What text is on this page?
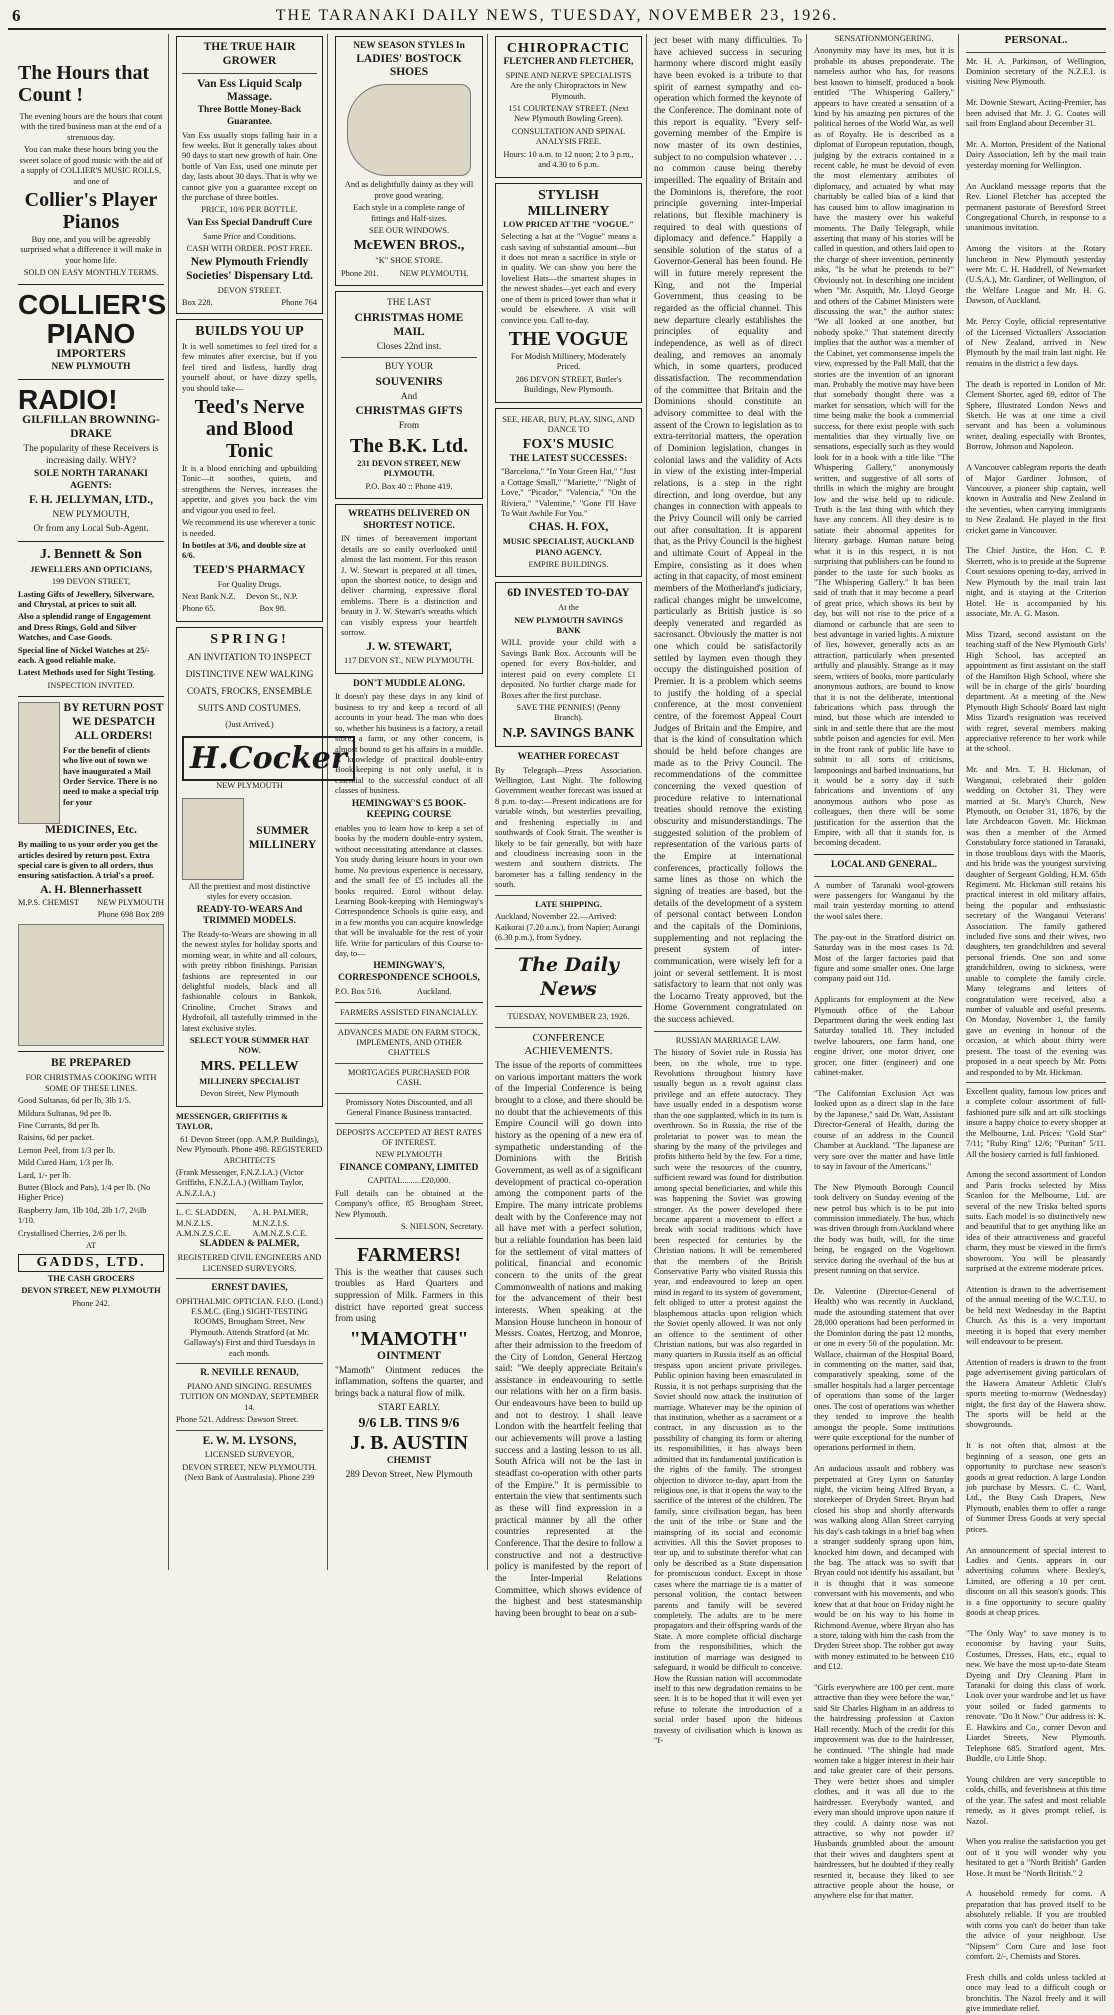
6	THE TARANAKI DAILY NEWS, TUESDAY, NOVEMBER 23, 1926.
The Hours that Count !

The evening hours are the hours that count with the tired business man at the end of a strenuous day.

You can make these hours bring you the sweet solace of good music with the aid of a supply of COLLIER'S MUSIC ROLLS, and one of

Collier's Player Pianos

Buy one, and you will be agreeably surprised what a difference it will make in your home life.

SOLD ON EASY MONTHLY TERMS.

COLLIER'S
PIANO
IMPORTERS
NEW PLYMOUTH
RADIO!
GILFILLAN BROWNING-DRAKE

The popularity of these Receivers is increasing daily. WHY?

SOLE NORTH TARANAKI AGENTS:

F. H. JELLYMAN, LTD.,

NEW PLYMOUTH,

Or from any Local Sub-Agent.

J. Bennett & Son

JEWELLERS AND OPTICIANS,

199 DEVON STREET,

Lasting Gifts of Jewellery, Silverware, and Chrystal, at prices to suit all.

Also a splendid range of Engagement and Dress Rings, Gold and Silver Watches, and Case Goods.

Special line of Nickel Watches at 25/- each. A good reliable make.

Latest Methods used for Sight Testing.

INSPECTION INVITED.

BY RETURN POST WE DESPATCH ALL ORDERS!

For the benefit of clients who live out of town we have inaugurated a Mail Order Service. There is no need to make a special trip for your

MEDICINES, Etc.

By mailing to us your order you get the articles desired by return post. Extra special care is given to all orders, thus ensuring satisfaction. A trial's a proof.

A. H. Blennerhassett
M.P.S. CHEMIST NEW PLYMOUTH

Phone 698 Box 289

BE PREPARED

FOR CHRISTMAS COOKING WITH SOME OF THESE LINES.

Good Sultanas, 6d per lb, 3lb 1/5.

Mildura Sultanas, 9d per lb.

Fine Currants, 8d per lb.

Raisins, 6d per packet.

Lemon Peel, from 1/3 per lb.

Mild Cured Ham, 1/3 per lb.

Lard, 1/- per lb.

Butter (Block and Pats), 1/4 per lb. (No Higher Price)

Raspberry Jam, 1lb 10d, 2lb 1/7, 2½lb 1/10.

Crystallised Cherries, 2/6 per lb.

AT

GADDS, LTD.

THE CASH GROCERS

DEVON STREET, NEW PLYMOUTH

Phone 242.

THE TRUE HAIR GROWER
Van Ess Liquid Scalp Massage.
Three Bottle Money-Back Guarantee.

Van Ess usually stops falling hair in a few weeks. But it generally takes about 90 days to start new growth of hair. One bottle of Van Ess, used one minute per day, lasts about 30 days. That is why we cannot give you a guarantee except on the purchase of three bottles.

PRICE, 10/6 PER BOTTLE.

Van Ess Special Dandruff Cure

Same Price and Conditions.

CASH WITH ORDER. POST FREE.

New Plymouth Friendly Societies' Dispensary Ltd.

DEVON STREET.

Box 228.	Phone 764
BUILDS YOU UP

It is well sometimes to feel tired for a few minutes after exercise, but if you feel tired and listless, hardly drag yourself about, or have dizzy spells, you should take—

Teed's Nerve and Blood Tonic

It is a blood enriching and upbuilding Tonic—it soothes, quiets, and strengthens the Nerves, increases the appetite, and gives you back the vim and vigour you used to feel.

We recommend its use wherever a tonic is needed.

In bottles at 3/6, and double size at 6/6.

TEED'S PHARMACY

For Quality Drugs.

Next Bank N.Z.     Devon St., N.P.

Phone 65.                     Box 98.

SPRING!

AN INVITATION TO INSPECT DISTINCTIVE NEW WALKING COATS, FROCKS, ENSEMBLE SUITS AND COSTUMES.

(Just Arrived.)

H.Cocker
NEW PLYMOUTH
SUMMER MILLINERY

All the prettiest and most distinctive styles for every occasion.

READY-TO-WEARS And TRIMMED MODELS.

The Ready-to-Wears are showing in all the newest styles for holiday sports and morning wear, in white and all colours, with pretty ribbon finishings. Parisian fashions are represented in our delightful models, black and all fashionable colours in Bankok, Crinoline, Crochet Straws and Hydrofoil, all tastefully trimmed in the latest exclusive styles.

SELECT YOUR SUMMER HAT NOW.

MRS. PELLEW

MILLINERY SPECIALIST

Devon Street, New Plymouth

MESSENGER, GRIFFITHS & TAYLOR,

61 Devon Street (opp. A.M.P. Buildings), New Plymouth. Phone 498. REGISTERED ARCHITECTS

(Frank Messenger, F.N.Z.I.A.) (Victor Griffiths, F.N.Z.I.A.) (William Taylor, A.N.Z.I.A.)

L. C. SLADDEN, M.N.Z.I.S. A.M.N.Z.S.C.E.
A. H. PALMER, M.N.Z.I.S. A.M.N.Z.S.C.E.
SLADDEN & PALMER,

REGISTERED CIVIL ENGINEERS AND LICENSED SURVEYORS.

ERNEST DAVIES,

OPHTHALMIC OPTICIAN. F.I.O. (Lond.) F.S.M.C. (Eng.) SIGHT-TESTING ROOMS, Brougham Street, New Plymouth. Attends Stratford (at Mr. Gallaway's) First and third Tuesdays in each month.

R. NEVILLE RENAUD,

PIANO AND SINGING. RESUMES TUITION ON MONDAY, SEPTEMBER 14.

Phone 521. Address: Dawson Street.

E. W. M. LYSONS,

LICENSED SURVEYOR,

DEVON STREET, NEW PLYMOUTH. (Next Bank of Australasia). Phone 239

NEW SEASON STYLES In
LADIES' BOSTOCK SHOES

And as delightfully dainty as they will prove good wearing.

Each style in a complete range of fittings and Half-sizes.

SEE OUR WINDOWS.

McEWEN BROS.,

"K" SHOE STORE.

Phone 201.          NEW PLYMOUTH.

THE LAST

CHRISTMAS HOME MAIL

Closes 22nd inst.

BUY YOUR

SOUVENIRS

And

CHRISTMAS GIFTS

From

The B.K. Ltd.

231 DEVON STREET, NEW PLYMOUTH.

P.O. Box 40 :: Phone 419.

WREATHS DELIVERED ON SHORTEST NOTICE.

IN times of bereavement important details are so easily overlooked until almost the last moment. For this reason J. W. Stewart is prepared at all times, upon the shortest notice, to design and deliver charming, expressive floral emblems. There is a distinction and beauty in J. W. Stewart's wreaths which can visibly express your heartfelt sorrow.

J. W. STEWART,

117 DEVON ST., NEW PLYMOUTH.

DON'T MUDDLE ALONG.

It doesn't pay these days in any kind of business to try and keep a record of all accounts in your head. The man who does so, whether his business is a factory, a retail store, a farm, or any other concern, is almost bound to get his affairs in a muddle. A knowledge of practical double-entry Book-keeping is not only useful, it is essential to the successful conduct of all classes of business.

HEMINGWAY'S £5 BOOK-KEEPING COURSE

enables you to learn how to keep a set of books by the modern double-entry system, without necessitating attendance at classes. You study during leisure hours in your own home. No previous experience is necessary, and the small fee of £5 includes all the books required. Enrol without delay. Learning Book-keeping with Hemingway's Correspondence Schools is quite easy, and in a few months you can acquire knowledge that will be invaluable for the rest of your life. Write for particulars of this Course to-day, to—

HEMINGWAY'S, CORRESPONDENCE SCHOOLS,

P.O. Box 516.                 Auckland.

FARMERS ASSISTED FINANCIALLY.
ADVANCES MADE ON FARM STOCK, IMPLEMENTS, AND OTHER CHATTELS
MORTGAGES PURCHASED FOR CASH.
Promissory Notes Discounted, and all General Finance Business transacted.
DEPOSITS ACCEPTED AT BEST RATES OF INTEREST.

NEW PLYMOUTH

FINANCE COMPANY, LIMITED

CAPITAL.........£20,000.

Full details can be obtained at the Company's office, 85 Brougham Street, New Plymouth.

S. NIELSON, Secretary.

FARMERS!

This is the weather that causes such troubles as Hard Quarters and suppression of Milk. Farmers in this district have reported great success from using

"MAMOTH"
OINTMENT

"Mamoth" Ointment reduces the inflammation, softens the quarter, and brings back a natural flow of milk.

START EARLY.

9/6 LB. TINS 9/6
J. B. AUSTIN

CHEMIST

289 Devon Street, New Plymouth

CHIROPRACTIC
FLETCHER AND FLETCHER,

SPINE AND NERVE SPECIALISTS Are the only Chiropractors in New Plymouth.

151 COURTENAY STREET. (Next New Plymouth Bowling Green).

CONSULTATION AND SPINAL ANALYSIS FREE.

Hours: 10 a.m. to 12 noon; 2 to 3 p.m., and 4.30 to 6 p.m.

STYLISH MILLINERY
LOW PRICED AT THE "VOGUE."

Selecting a hat at the "Vogue" means a cash saving of substantial amount—but it does not mean a sacrifice in style or in quality. We can show you here the loveliest Hats—the smartest shapes in the newest shades—yet each and every one of them is priced lower than what it would be elsewhere. A visit will convince you. Call to-day.

THE VOGUE

For Modish Millinery, Moderately Priced.

286 DEVON STREET, Butler's Buildings, New Plymouth.

SEE, HEAR, BUY, PLAY, SING, AND DANCE TO

FOX'S MUSIC
THE LATEST SUCCESSES:

"Barcelona," "In Your Green Hat," "Just a Cottage Small," "Mariette," "Night of Love," "Picador," "Valencia," "On the Riviera," "Valentine," "Gone I'll Have To Wait Awhile For You."

CHAS. H. FOX,

MUSIC SPECIALIST, AUCKLAND PIANO AGENCY.

EMPIRE BUILDINGS.

6D INVESTED TO-DAY

At the

NEW PLYMOUTH SAVINGS BANK

WILL provide your child with a Savings Bank Box. Accounts will be opened for every Box-holder, and interest paid on every complete £1 deposited. No further charge made for Boxes after the first purchase.

SAVE THE PENNIES! (Penny Branch).

N.P. SAVINGS BANK
WEATHER FORECAST

By Telegraph—Press Association. Wellington, Last Night. The following Government weather forecast was issued at 8 p.m. to-day:—Present indications are for variable winds, but westerlies prevailing, and freshening especially in and southwards of Cook Strait. The weather is likely to be fair generally, but with haze and cloudiness increasing soon in the western and southern districts. The barometer has a falling tendency in the south.

LATE SHIPPING.

Auckland, November 22.—Arrived: Kaikorai (7.20 a.m.), from Napier; Aorangi (6.30 p.m.), from Sydney.

The Daily News

TUESDAY, NOVEMBER 23, 1926.

CONFERENCE ACHIEVEMENTS.

The issue of the reports of committees on various important matters the work of the Imperial Conference is being brought to a close, and there should be no doubt that the achievements of this Empire Council will go down into history as the opening of a new era of sympathetic understanding of the Dominions with the British Government, as well as of a significant development of practical co-operation among the component parts of the Empire. The many intricate problems dealt with by the Conference may not all have met with a perfect solution, but a reliable foundation has been laid for the settlement of vital matters of political, financial and economic concern to the units of the great Commonwealth of nations and making for the advancement of their best interests. When speaking at the Mansion House luncheon in honour of Messrs. Coates, Hertzog, and Monroe, after their admission to the freedom of the City of London, General Hertzog said: "We deeply appreciate Britain's assistance in endeavouring to settle our relations with her on a firm basis. Our endeavours have been to build up and not to destroy. I shall leave London with the heartfelt feeling that our achievements will prove a lasting success and a lasting lesson to us all. South Africa will not be the last in steadfast co-operation with other parts of the Empire." It is permissible to entertain the view that sentiments such as these will find expression in a practical manner by all the other countries represented at the Conference. That the desire to follow a constructive and not a destructive policy is manifested by the report of the Inter-Imperial Relations Committee, which shows evidence of the highest and best statesmanship having been brought to bear on a sub-

ject beset with many difficulties. To have achieved success in securing harmony where discord might easily have been evoked is a tribute to that spirit of earnest sympathy and co-operation which formed the keynote of the Conference. The dominant note of this report is equality. "Every self-governing member of the Empire is now master of its own destinies, subject to no compulsion whatever . . . no common cause being thereby imperilled. The equality of Britain and the Dominions is, therefore, the root principle governing inter-Imperial relations, but flexible machinery is required to deal with questions of diplomacy and defence." Happily a sensible solution of the status of a Governor-General has been found. He will in future merely represent the King, and not the Imperial Government, thus ceasing to be regarded as the official channel. This new departure clearly establishes the principles of equality and independence, as well as of direct dealing, and removes an anomaly which, in some quarters, produced dissatisfaction. The recommendation of the committee that Britain and the Dominions should constitute an advisory committee to deal with the assent of the Crown to legislation as to extra-territorial matters, the operation of Dominion legislation, changes in colonial laws and the validity of Acts in view of the existing inter-Imperial relations, is a step in the right direction, and long overdue, but any changes in connection with appeals to the Privy Council will only be carried out after consultation. It is apparent that, as the Privy Council is the highest and ultimate Court of Appeal in the Empire, consisting as it does when acting in that capacity, of most eminent members of the Motherland's judiciary, radical changes might be unwelcome, particularly as British justice is so deeply venerated and regarded as sacrosanct. Obviously the matter is not one which could be satisfactorily settled by laymen even though they occupy the distinguished position of Premier. It is a problem which seems to justify the holding of a special conference, at the most convenient centre, of the foremost Appeal Court Judges of Britain and the Empire, and that is the kind of consultation which should be held before changes are made as to the Privy Council. The recommendations of the committee concerning the vexed question of procedure relative to international treaties should remove the existing obscurity and misunderstandings. The suggested solution of the problem of representation of the various parts of the Empire at international conferences, practically follows the same lines as those on which the signing of treaties are based, but the details of the development of a system of personal contact between London and the capitals of the Dominions, supplementing and not replacing the present system of inter-communication, were wisely left for a joint or several settlement. It is most satisfactory to learn that not only was the Locarno Treaty approved, but the Home Government congratulated on the success achieved.

RUSSIAN MARRIAGE LAW.

The history of Soviet rule in Russia has been, on the whole, true to type. Revolutions throughout history have usually begun as a revolt against class privilege and an effete autocracy. They have usually ended in a despotism worse than the one supplanted, which in its turn is overthrown. So in Russia, the rise of the proletariat to power was to mean the sharing by the many of the privileges and profits hitherto held by the few. For a time, such were the resources of the country, sufficient reward was found for distribution among special beneficiaries, and while this was happening the Soviet was growing stronger. As the power developed there became apparent a movement to effect a break with social traditions which have been respected for centuries by the Christian nations. It will be remembered that the members of the British Conservative Party who visited Russia this year, and endeavoured to keep an open mind in regard to its system of government, felt obliged to utter a protest against the blasphemous attacks upon religion which the Soviet openly allowed. It was not only an offence to the sentiment of other Christian nations, but was also regarded in many quarters in Russia itself as an official trespass upon ancient private privileges. Public opinion having been emasculated in Russia, it is not perhaps surprising that the Soviet should now attack the institution of marriage. Whatever may be the opinion of that institution, whether as a sacrament or a contract, in any discussion as to the possibility of changing its form or altering its responsibilities, it has always been admitted that its fundamental justification is the rights of the family. The strongest objection to divorce to-day, apart from the religious one, is that it opens the way to the sacrifice of the interest of the children. The family, since civilisation began, has been the unit of the tribe or State and the mainspring of its social and economic activities. All this the Soviet proposes to tear up, and to substitute therefor what can only be described as a State dispensation for promiscuous conduct. Except in those cases where the marriage tie is a matter of personal volition, the contact between parents and family will be severed completely. The adults are to be mere propagators and their offspring wards of the State. A more complete official discharge from the responsibilities, which the institution of marriage was designed to safeguard, it would be difficult to conceive. How the Russian nation will accommodate itself to this new degradation remains to be seen. It is to be hoped that it will even yet refuse to tolerate the introduction of a social order based upon the hideous travesty of civilisation which is known as "f-

SENSATIONMONGERING.

Anonymity may have its uses, but it is probable its abuses preponderate. The nameless author who has, for reasons best known to himself, produced a book entitled "The Whispering Gallery," appears to have created a sensation of a kind by his amazing pen pictures of the political heroes of the World War, as well as of Royalty. He is described as a diplomat of European reputation, though, judging by the extracts contained in a recent cable, he must be devoid of even the most elementary attributes of diplomacy, and actuated by what may charitably be called bias of a kind that has caused him to allow imagination to have the mastery over his wakeful moments. The Daily Telegraph, while asserting that many of his stories will be called in question, and others laid open to the charge of sheer invention, pertinently asks, "Is he what he pretends to be?" Obviously not. In describing one incident when "Mr. Asquith, Mr. Lloyd George and others of the Cabinet Ministers were discussing the war," the author states: "We all looked at one another, but nobody spoke." That statement directly implies that the author was a member of the Cabinet, yet commonsense impels the view, expressed by the Pall Mall, that the stories are the invention of an ignorant man. Probably the motive may have been that somebody thought there was a market for sensation, which will for the time being make the book a commercial success, for there exist people with such mentalities that they virtually live on sensations, especially such as they would look for in a book with a title like "The Whispering Gallery," anonymously written, and suggestive of all sorts of thrills in which the mighty are brought low and the wise held up to ridicule. Truth is the last thing with which they have any concern. All they desire is to satiate their abnormal appetites for literary garbage. Human nature being what it is in this respect, it is not surprising that publishers can be found to pander to the taste for such books as "The Whispering Gallery." It has been said of truth that it may become a pearl of great price, which shows its best by day, but will not rise to the price of a diamond or carbuncle that are seen to best advantage in varied lights. A mixture of lies, however, generally acts as an attraction, particularly when presented artfully and plausibly. Strange as it may seem, writers of books, more particularly anonymous authors, are bound to know that it is not the deliberate, intentional fabrications which pass through the mind, but those which are intended to sink in and settle there that are the most subtle poison and agencies for evil. Men in the front rank of public life have to submit to all sorts of criticisms, lampoonings and barbed insinuations, but it would be a sorry day if such fabrications and inventions of any anonymous authors who pose as colleagues, then there will be some justification for the assertion that the Empire, with all that it stands for, is becoming decadent.

LOCAL AND GENERAL.

A number of Taranaki wool-growers were passengers for Wanganui by the mail train yesterday morning to attend the wool sales there.

The pay-out in the Stratford district on Saturday was in the most cases 1s 7d. Most of the larger factories paid that figure and some smaller ones. One large company paid out 11d.

Applicants for employment at the New Plymouth office of the Labour Department during the week ending last Saturday totalled 18. They included twelve labourers, one farm hand, one engine driver, one motor driver, one grocer, one fitter (engineer) and one cabinet-maker.

"The Californian Exclusion Act was looked upon as a direct slap in the face by the Japanese," said Dr. Watt, Assistant Director-General of Health, during the course of an address in the Council Chamber at Auckland. "The Japanese are very sore over the matter and have little to say in favour of the Americans."

The New Plymouth Borough Council took delivery on Sunday evening of the new petrol bus which is to be put into commission immediately. The bus, which was driven through from Auckland where the body was built, will, for the time being, be engaged on the Vogeltown service during the overhaul of the bus at present running on that service.

Dr. Valentine (Director-General of Health) who was recently in Auckland, made the astounding statement that over 28,000 operations had been performed in the Dominion during the past 12 months, or one in every 50 of the population. Mr. Wallace, chairman of the Hospital Board, in commenting on the matter, said that, comparatively speaking, some of the smaller hospitals had a larger percentage of operations than some of the larger ones. The cost of operations was whether they tended to improve the health amongst the people. Some institutions were quite exceptional for the number of operations performed in them.

An audacious assault and robbery was perpetrated at Grey Lynn on Saturday night, the victim being Alfred Bryan, a storekeeper of Dryden Street. Bryan had closed his shop and shortly afterwards was walking along Allan Street carrying his day's cash takings in a brief bag when a stranger suddenly sprang upon him, knocked him down, and decamped with the bag. The attack was so swift that Bryan could not identify his assailant, but it is thought that it was someone conversant with his movements, and who knew that at that hour on Friday night he would be on his way to his home in Richmond Avenue, where Bryan also has a store, taking with him the cash from the Dryden Street shop. The robber got away with money estimated to be between £10 and £12.

"Girls everywhere are 100 per cent. more attractive than they were before the war," said Sir Charles Higham in an address to the hairdressing profession at Caxton Hall recently. Much of the credit for this improvement was due to the hairdresser, he continued. "The shingle had made women take a bigger interest in their hair and take greater care of their persons. They were better shoes and simpler clothes, and it was all due to the hairdresser. Everybody wanted, and every man should improve upon nature if they could. A dainty nose was not attractive, so why not powder it? Husbands grumbled about the amount that their wives and daughters spent at hairdressers, but he doubted if they really resented it, because they liked to see attractive people about the house, or anywhere else for that matter.

PERSONAL.

Mr. H. A. Parkinson, of Wellington, Dominion secretary of the N.Z.E.I. is visiting New Plymouth.

Mr. Downie Stewart, Acting-Premier, has been advised that Mr. J. G. Coates will sail from England about December 31.

Mr. A. Morton, President of the National Dairy Association, left by the mail train yesterday morning for Wellington.

An Auckland message reports that the Rev. Lionel Fletcher has accepted the permanent pastorate of Beresford Street Congregational Church, in response to a unanimous invitation.

Among the visitors at the Rotary luncheon in New Plymouth yesterday were Mr. C. H. Haddrell, of Newmarket (U.S.A.), Mr. Gardiner, of Wellington, of the Welfare League and Mr. H. G. Dawson, of Auckland.

Mr. Percy Coyle, official representative of the Licensed Victuallers' Association of New Zealand, arrived in New Plymouth by the mail train last night. He remains in the district a few days.

The death is reported in London of Mr. Clement Shorter, aged 69, editor of The Sphere, Illustrated London News and Sketch. He was at one time a civil servant and has been a voluminous writer, dealing especially with Brontes, Borrow, Johnson and Napoleon.

A Vancouver cablegram reports the death of Major Gardiner Johnson, of Vancouver, a pioneer ship captain, well known in Australia and New Zealand in the seventies, when carrying immigrants to New Zealand. He played in the first cricket game in Vancouver.

The Chief Justice, the Hon. C. P. Skerrett, who is to preside at the Supreme Court sessions opening to-day, arrived in New Plymouth by the mail train last night, and is staying at the Criterion Hotel. He is accompanied by his associate, Mr. A. G. Mason.

Miss Tizard, second assistant on the teaching staff of the New Plymouth Girls' High School, has accepted an appointment as first assistant on the staff of the Hamilton High School, where she will be in charge of the girls' boarding department. At a meeting of the New Plymouth High Schools' Board last night Miss Tizard's resignation was received with regret, several members making appreciative reference to her work while at the school.

Mr. and Mrs. T. H. Hickman, of Wanganui, celebrated their golden wedding on October 31. They were married at St. Mary's Church, New Plymouth, on October 31, 1876, by the late Archdeacon Govett. Mr. Hickman was then a member of the Armed Constabulary force stationed in Taranaki, in those troublous days with the Maoris, and his bride was the youngest surviving daughter of Sergeant Golding, H.M. 65th Regiment. Mr. Hickman still retains his practical interest in old military affairs, being the popular and enthusiastic secretary of the Wanganui Veterans' Association. The family gathered included five sons and their wives, two daughters, ten grandchildren and several personal friends. One son and some grandchildren, owing to sickness, were unable to complete the family circle. Many telegrams and letters of congratulation were received, also a number of valuable and useful presents. On Monday, November 1, the family gave an evening in honour of the occasion, at which about thirty were present. The toast of the evening was proposed in a neat speech by Mr. Potts and responded to by Mr. Hickman.

Excellent quality, famous low prices and a complete colour assortment of full-fashioned pure silk and art silk stockings insure a happy choice to every shopper at the Melbourne, Ltd. Prices: "Gold Star" 7/11; "Ruby Ring" 12/6; "Puritan" 5/11. All the hosiery carried is full fashioned.

Among the second assortment of London and Paris frocks selected by Miss Scanlon for the Melbourne, Ltd. are several of the new Triska belted sports suits. Each model is so distinctively new and beautiful that to get anything like an idea of their attractiveness and graceful charm, they must be viewed in the firm's showroom. You will be pleasantly surprised at the extreme moderate prices.

Attention is drawn to the advertisement of the annual meeting of the W.C.T.U. to be held next Wednesday in the Baptist Church. As this is a very important meeting it is hoped that every member will endeavour to be present.

Attention of readers is drawn to the front page advertisement giving particulars of the Hawera Amateur Athletic Club's sports meeting to-morrow (Wednesday) night, the first day of the Hawera show. The sports will be held at the showgrounds.

It is not often that, almost at the beginning of a season, one gets an opportunity to purchase new season's goods at great reduction. A large London job purchase by Messrs. C. C. Ward, Ltd., the Busy Cash Drapers, New Plymouth, enables them to offer a range of Summer Dress Goods at very special prices.

An announcement of special interest to Ladies and Gents. appears in our advertising columns where Bexley's, Limited, are offering a 10 per cent. discount on all this season's goods. This is a fine opportunity to secure quality goods at cheap prices.

"The Only Way" to save money is to economise by having your Suits, Costumes, Dresses, Hats, etc., equal to new. We have the most up-to-date Steam Dyeing and Dry Cleaning Plant in Taranaki for doing this class of work. Look over your wardrobe and let us have your soiled or faded garments to renovate. "Do It Now." Our address is: K. E. Hawkins and Co., corner Devon and Liardet Streets, New Plymouth. Telephone 685. Stratford agent, Mrs. Buddle, c/o Little Shop.

Young children are very susceptible to colds, chills, and feverishness at this time of the year. The safest and most reliable remedy, as it gives prompt relief, is Nazol.

When you realise the satisfaction you get out of it you will wonder why you hesitated to get a "North British" Garden Hose. It must be "North British." 2

A household remedy for corns. A preparation that has proved itself to be absolutely reliable. If you are troubled with corns you can't do better than take the advice of your neighbour. Use "Nipsem" Corn Cure and lose foot comfort. 2/-, Chemists and Stores.

Fresh chills and colds unless tackled at once may lead to a difficult cough or bronchitis. The Nazol freely and it will give immediate relief.
